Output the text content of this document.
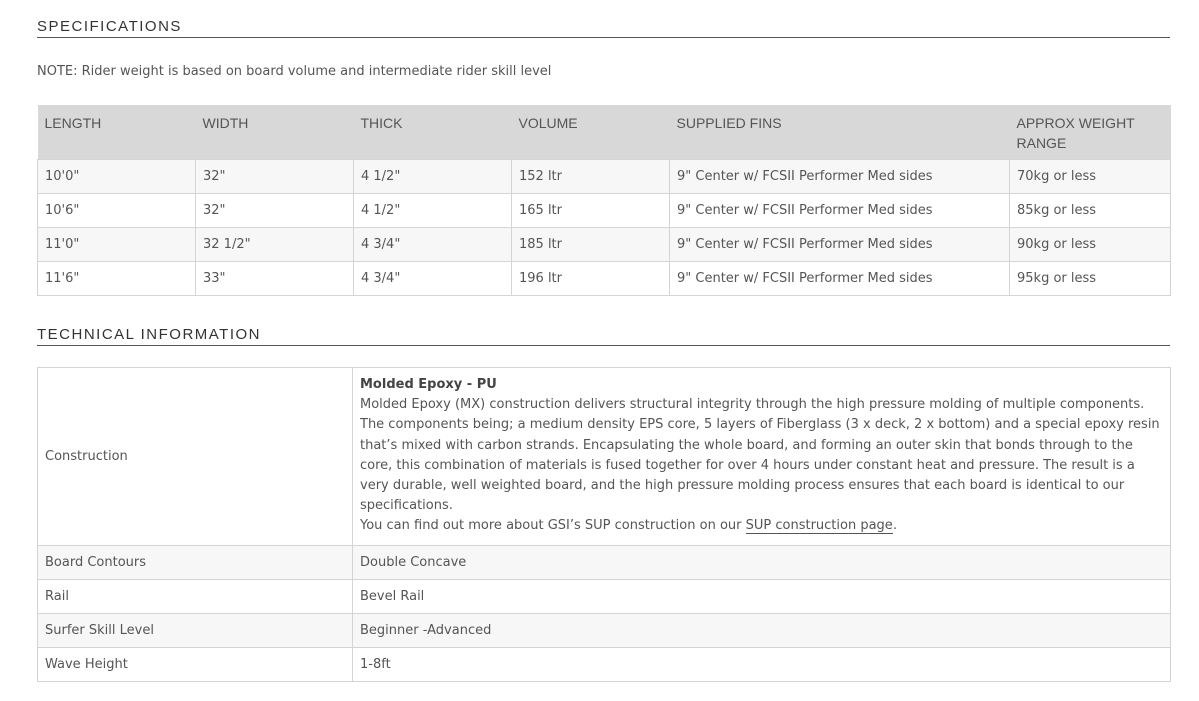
SPECIFICATIONS
NOTE: Rider weight is based on board volume and intermediate rider skill level
LENGTH	WIDTH	THICK	VOLUME	SUPPLIED FINS	APPROX WEIGHT RANGE
10'0"	32"	4 1/2"	152 ltr	9" Center w/ FCSII Performer Med sides	70kg or less
10'6"	32"	4 1/2"	165 ltr	9" Center w/ FCSII Performer Med sides	85kg or less
11'0"	32 1/2"	4 3/4"	185 ltr	9" Center w/ FCSII Performer Med sides	90kg or less
11'6"	33"	4 3/4"	196 ltr	9" Center w/ FCSII Performer Med sides	95kg or less
TECHNICAL INFORMATION
Construction	Molded Epoxy - PU
Molded Epoxy (MX) construction delivers structural integrity through the high pressure molding of multiple components. The components being; a medium density EPS core, 5 layers of Fiberglass (3 x deck, 2 x bottom) and a special epoxy resin that’s mixed with carbon strands. Encapsulating the whole board, and forming an outer skin that bonds through to the core, this combination of materials is fused together for over 4 hours under constant heat and pressure. The result is a very durable, well weighted board, and the high pressure molding process ensures that each board is identical to our specifications.
You can find out more about GSI’s SUP construction on our SUP construction page.

Board Contours	Double Concave
Rail	Bevel Rail
Surfer Skill Level	Beginner -Advanced
Wave Height	1-8ft
